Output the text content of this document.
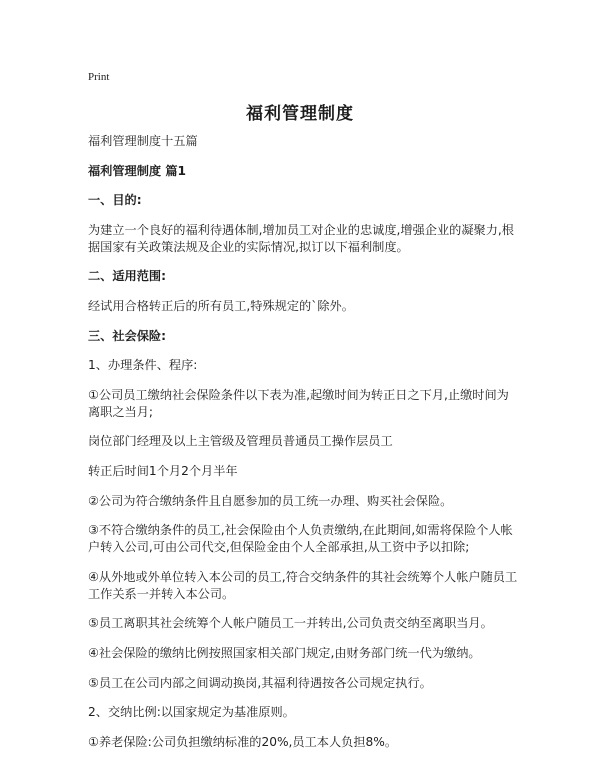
Print
福利管理制度

福利管理制度十五篇

福利管理制度 篇1

一、目的:

为建立一个良好的福利待遇体制,增加员工对企业的忠诚度,增强企业的凝聚力,根据国家有关政策法规及企业的实际情况,拟订以下福利制度。

二、适用范围:

经试用合格转正后的所有员工,特殊规定的`除外。

三、社会保险:

1、办理条件、程序:

①公司员工缴纳社会保险条件以下表为准,起缴时间为转正日之下月,止缴时间为离职之当月;

岗位部门经理及以上主管级及管理员普通员工操作层员工

转正后时间1个月2个月半年

②公司为符合缴纳条件且自愿参加的员工统一办理、购买社会保险。

③不符合缴纳条件的员工,社会保险由个人负责缴纳,在此期间,如需将保险个人帐户转入公司,可由公司代交,但保险金由个人全部承担,从工资中予以扣除;

④从外地或外单位转入本公司的员工,符合交纳条件的其社会统筹个人帐户随员工工作关系一并转入本公司。

⑤员工离职其社会统筹个人帐户随员工一并转出,公司负责交纳至离职当月。

④社会保险的缴纳比例按照国家相关部门规定,由财务部门统一代为缴纳。

⑤员工在公司内部之间调动换岗,其福利待遇按各公司规定执行。

2、交纳比例:以国家规定为基准原则。

①养老保险:公司负担缴纳标准的20%,员工本人负担8%。
